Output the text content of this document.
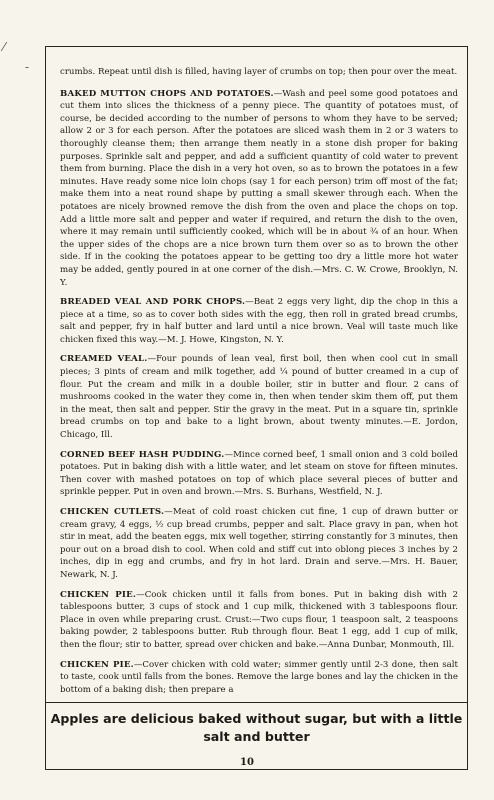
⁄
-	crumbs. Repeat until dish is filled, having layer of crumbs on top; then pour over the meat.

BAKED MUTTON CHOPS AND POTATOES.—Wash and peel some good potatoes and cut them into slices the thickness of a penny piece. The quantity of potatoes must, of course, be decided according to the number of persons to whom they have to be served; allow 2 or 3 for each person. After the potatoes are sliced wash them in 2 or 3 waters to thoroughly cleanse them; then arrange them neatly in a stone dish proper for baking purposes. Sprinkle salt and pepper, and add a sufficient quantity of cold water to prevent them from burning. Place the dish in a very hot oven, so as to brown the potatoes in a few minutes. Have ready some nice loin chops (say 1 for each person) trim off most of the fat; make them into a neat round shape by putting a small skewer through each. When the potatoes are nicely browned remove the dish from the oven and place the chops on top. Add a little more salt and pepper and water if required, and return the dish to the oven, where it may remain until sufficiently cooked, which will be in about ¾ of an hour. When the upper sides of the chops are a nice brown turn them over so as to brown the other side. If in the cooking the potatoes appear to be getting too dry a little more hot water may be added, gently poured in at one corner of the dish.—Mrs. C. W. Crowe, Brooklyn, N. Y.

BREADED VEAL AND PORK CHOPS.—Beat 2 eggs very light, dip the chop in this a piece at a time, so as to cover both sides with the egg, then roll in grated bread crumbs, salt and pepper, fry in half butter and lard until a nice brown. Veal will taste much like chicken fixed this way.—M. J. Howe, Kingston, N. Y.

CREAMED VEAL.—Four pounds of lean veal, first boil, then when cool cut in small pieces; 3 pints of cream and milk together, add ¼ pound of butter creamed in a cup of flour. Put the cream and milk in a double boiler, stir in butter and flour. 2 cans of mushrooms cooked in the water they come in, then when tender skim them off, put them in the meat, then salt and pepper. Stir the gravy in the meat. Put in a square tin, sprinkle bread crumbs on top and bake to a light brown, about twenty minutes.—E. Jordon, Chicago, Ill.

CORNED BEEF HASH PUDDING.—Mince corned beef, 1 small onion and 3 cold boiled potatoes. Put in baking dish with a little water, and let steam on stove for fifteen minutes. Then cover with mashed potatoes on top of which place several pieces of butter and sprinkle pepper. Put in oven and brown.—Mrs. S. Burhans, Westfield, N. J.

CHICKEN CUTLETS.—Meat of cold roast chicken cut fine, 1 cup of drawn butter or cream gravy, 4 eggs, ½ cup bread crumbs, pepper and salt. Place gravy in pan, when hot stir in meat, add the beaten eggs, mix well together, stirring constantly for 3 minutes, then pour out on a broad dish to cool. When cold and stiff cut into oblong pieces 3 inches by 2 inches, dip in egg and crumbs, and fry in hot lard. Drain and serve.—Mrs. H. Bauer, Newark, N. J.

CHICKEN PIE.—Cook chicken until it falls from bones. Put in baking dish with 2 tablespoons butter, 3 cups of stock and 1 cup milk, thickened with 3 tablespoons flour. Place in oven while preparing crust. Crust:—Two cups flour, 1 teaspoon salt, 2 teaspoons baking powder, 2 tablespoons butter. Rub through flour. Beat 1 egg, add 1 cup of milk, then the flour; stir to batter, spread over chicken and bake.—Anna Dunbar, Monmouth, Ill.

CHICKEN PIE.—Cover chicken with cold water; simmer gently until 2-3 done, then salt to taste, cook until falls from the bones. Remove the large bones and lay the chicken in the bottom of a baking dish; then prepare a

Apples are delicious baked without sugar, but with a little salt and butter
10
